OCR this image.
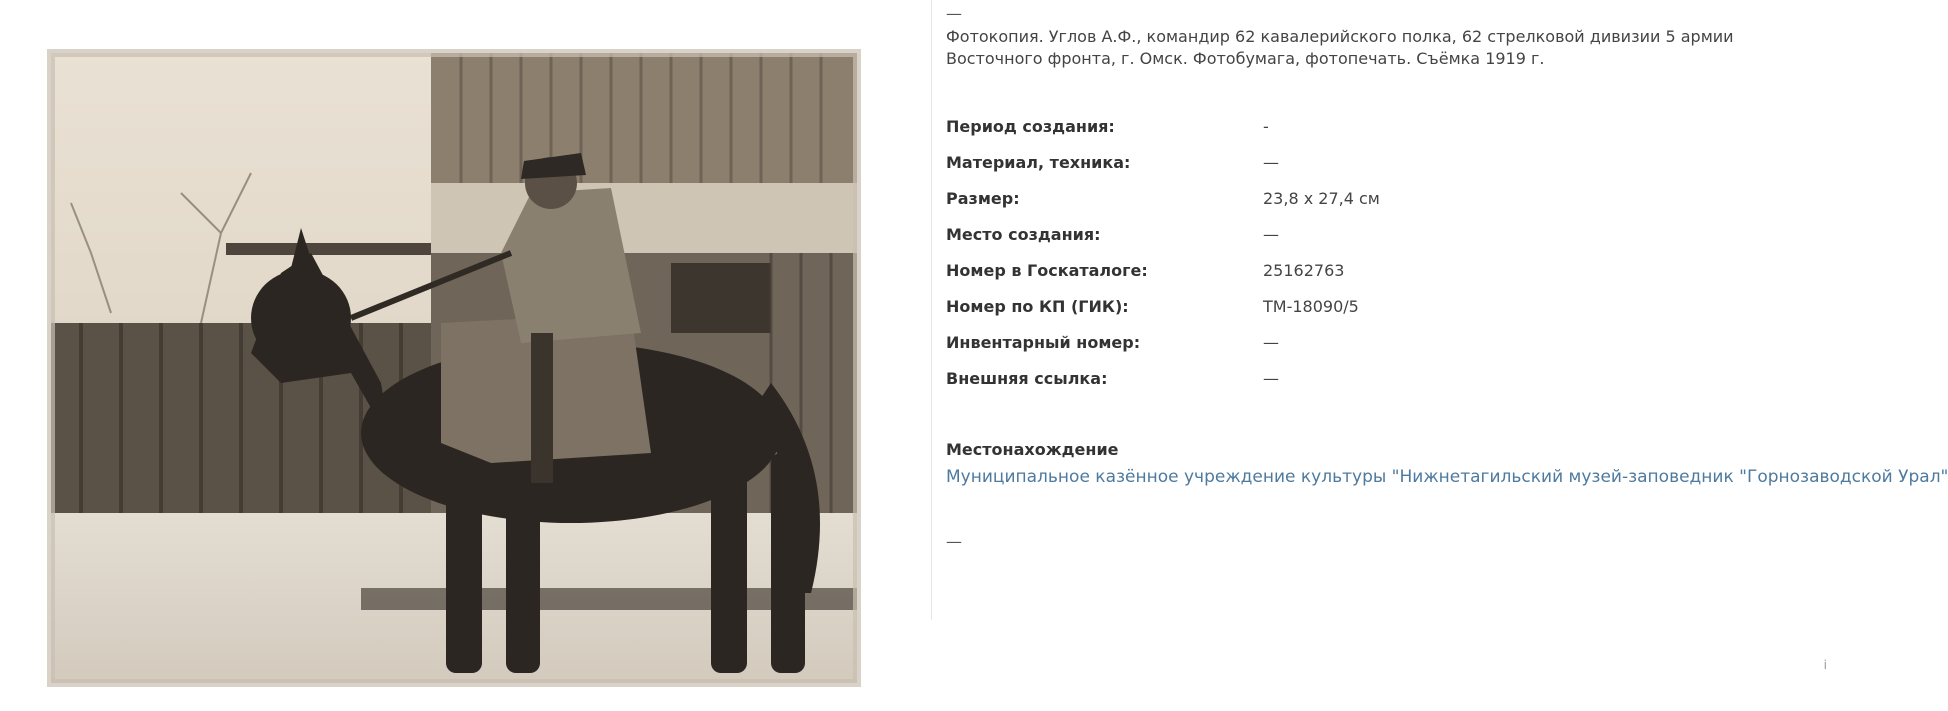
—
Фотокопия. Углов А.Ф., командир 62 кавалерийского полка, 62 стрелковой дивизии 5 армии Восточного фронта, г. Омск. Фотобумага, фотопечать. Съёмка 1919 г.
Период создания:	-
Материал, техника:	—
Размер:	23,8 x 27,4 см
Место создания:	—
Номер в Госкаталоге:	25162763
Номер по КП (ГИК):	ТМ-18090/5
Инвентарный номер:	—
Внешняя ссылка:	—
Местонахождение
Муниципальное казённое учреждение культуры "Нижнетагильский музей-заповедник "Горнозаводской Урал"
—
i
